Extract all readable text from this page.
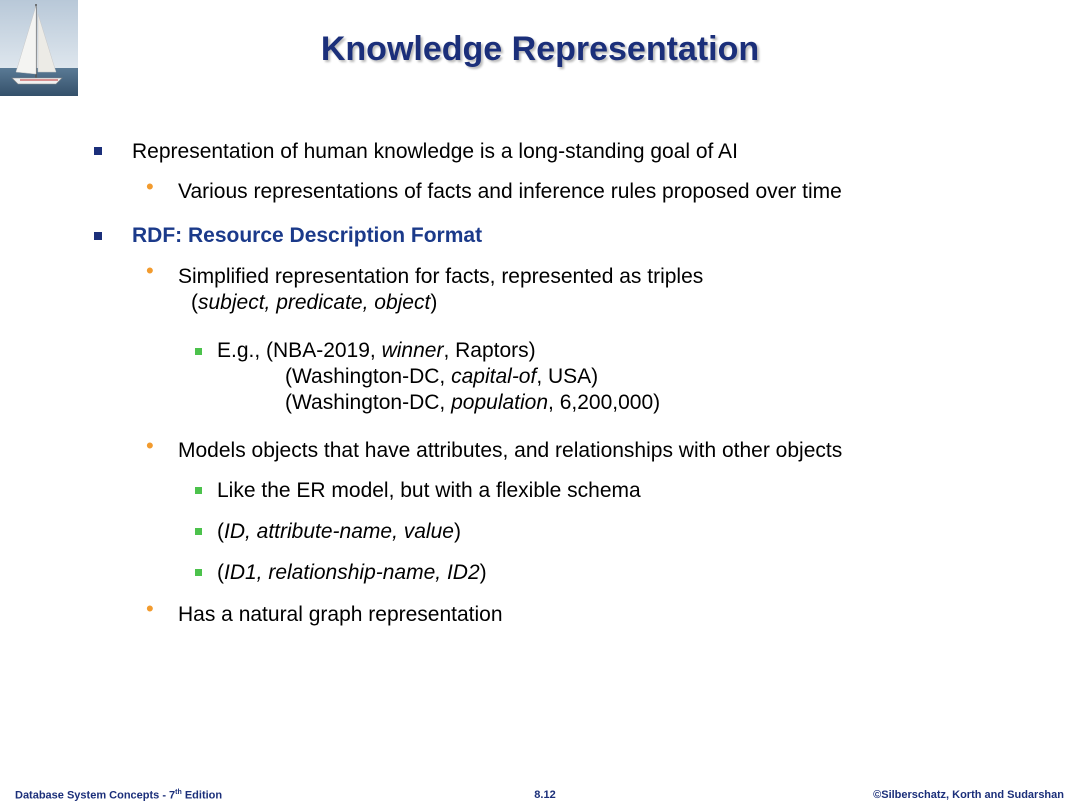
Knowledge Representation
Representation of human knowledge is a long-standing goal of AI
• Various representations of facts and inference rules proposed over time
RDF: Resource Description Format
• Simplified representation for facts, represented as triples
(subject, predicate, object)
E.g., (NBA-2019, winner, Raptors)
(Washington-DC, capital-of, USA)
(Washington-DC, population, 6,200,000)
• Models objects that have attributes, and relationships with other objects
Like the ER model, but with a flexible schema
(ID, attribute-name, value)
(ID1, relationship-name, ID2)
• Has a natural graph representation
Database System Concepts - 7th Edition	8.12	©Silberschatz, Korth and Sudarshan
